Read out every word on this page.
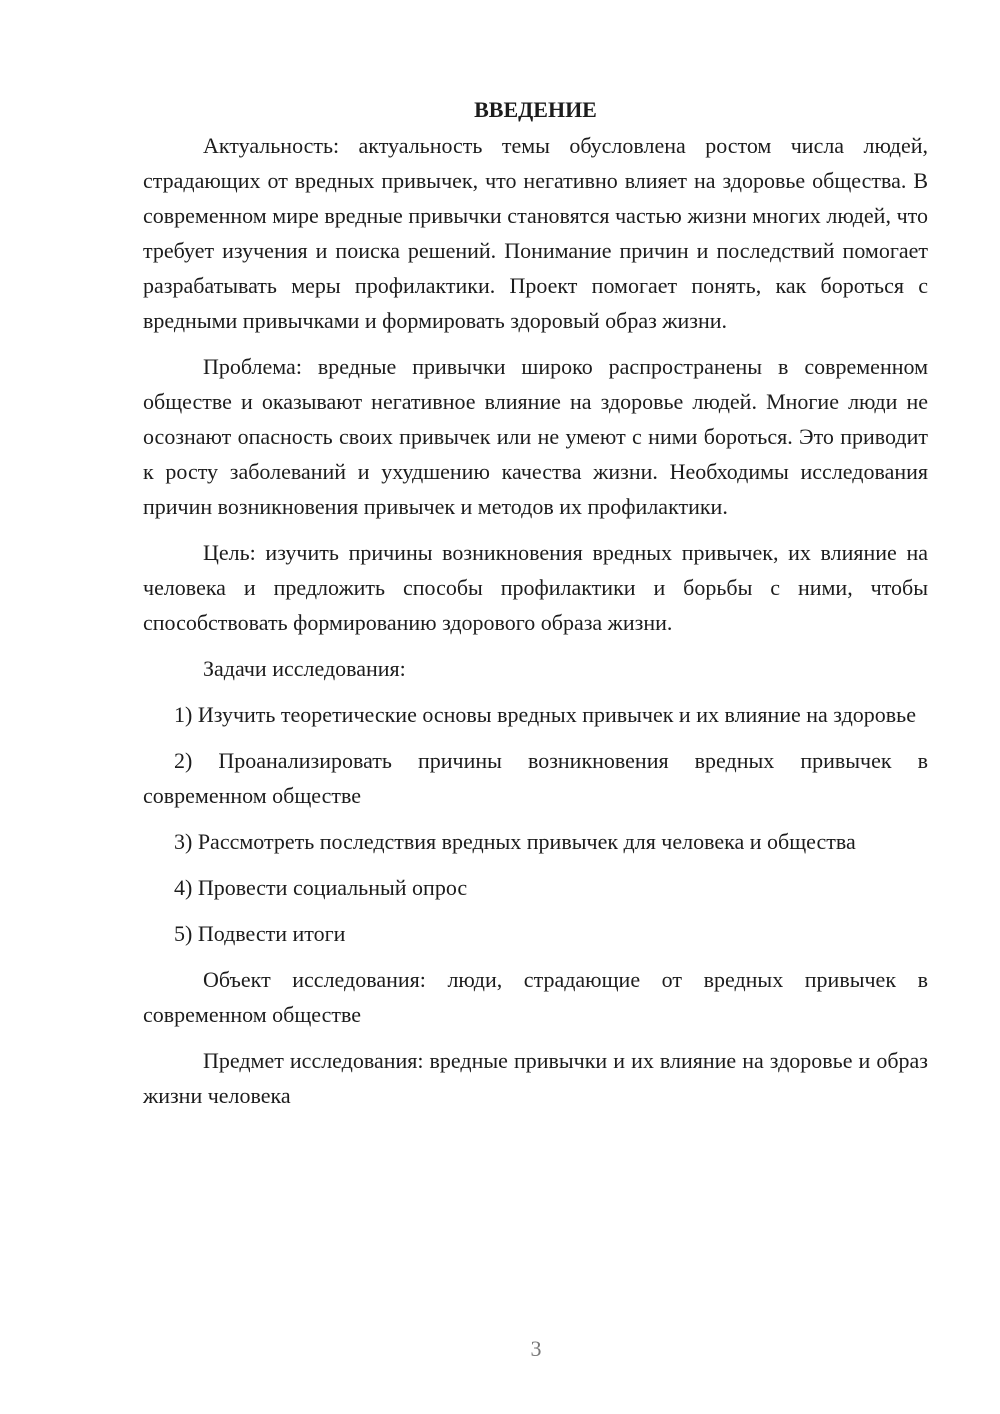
ВВЕДЕНИЕ

Актуальность: актуальность темы обусловлена ростом числа людей, страдающих от вредных привычек, что негативно влияет на здоровье общества. В современном мире вредные привычки становятся частью жизни многих людей, что требует изучения и поиска решений. Понимание причин и последствий помогает разрабатывать меры профилактики. Проект помогает понять, как бороться с вредными привычками и формировать здоровый образ жизни.

Проблема: вредные привычки широко распространены в современном обществе и оказывают негативное влияние на здоровье людей. Многие люди не осознают опасность своих привычек или не умеют с ними бороться. Это приводит к росту заболеваний и ухудшению качества жизни. Необходимы исследования причин возникновения привычек и методов их профилактики.

Цель: изучить причины возникновения вредных привычек, их влияние на человека и предложить способы профилактики и борьбы с ними, чтобы способствовать формированию здорового образа жизни.

Задачи исследования:

1) Изучить теоретические основы вредных привычек и их влияние на здоровье

2) Проанализировать причины возникновения вредных привычек в современном обществе

3) Рассмотреть последствия вредных привычек для человека и общества

4) Провести социальный опрос

5) Подвести итоги

Объект исследования: люди, страдающие от вредных привычек в современном обществе

Предмет исследования: вредные привычки и их влияние на здоровье и образ жизни человека

3
